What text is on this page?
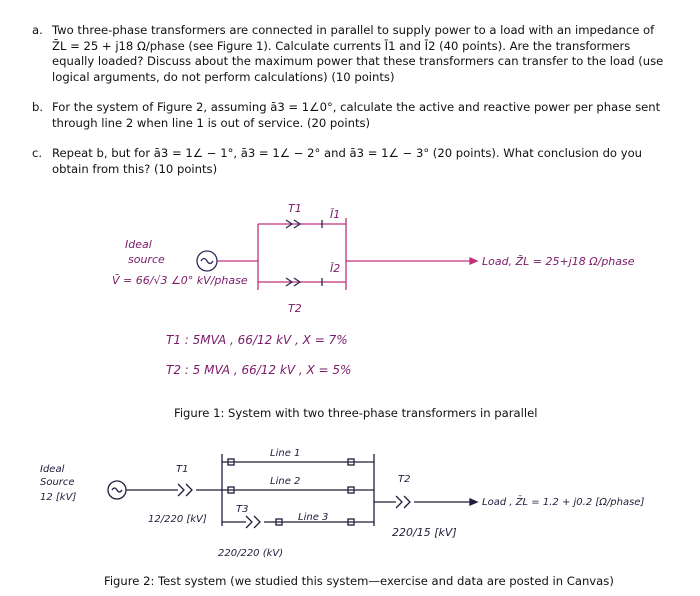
a. Two three-phase transformers are connected in parallel to supply power to a load with an impedance of Z̄L = 25 + j18 Ω/phase (see Figure 1). Calculate currents Ī1 and Ī2 (40 points). Are the transformers equally loaded? Discuss about the maximum power that these transformers can transfer to the load (use logical arguments, do not perform calculations) (10 points)
b. For the system of Figure 2, assuming ā3 = 1∠0°, calculate the active and reactive power per phase sent through line 2 when line 1 is out of service. (20 points)
c. Repeat b, but for ā3 = 1∠ − 1°, ā3 = 1∠ − 2° and ā3 = 1∠ − 3° (20 points). What conclusion do you obtain from this? (10 points)
Ideal
source
V̄ = 66/√3 ∠0° kV/phase
T1
T2
Ī1
Ī2
Load, Z̄L = 25+j18 Ω/phase
T1 : 5MVA , 66/12 kV , X = 7%
T2 : 5 MVA , 66/12 kV , X = 5%
Figure 1: System with two three-phase transformers in parallel
Ideal
Source
12 [kV]
T1
12/220 [kV]
T3
220/220 (kV)
Line 1
Line 2
Line 3
T2
220/15 [kV]
Load , Z̄L = 1.2 + j0.2 [Ω/phase]
Figure 2: Test system (we studied this system—exercise and data are posted in Canvas)
